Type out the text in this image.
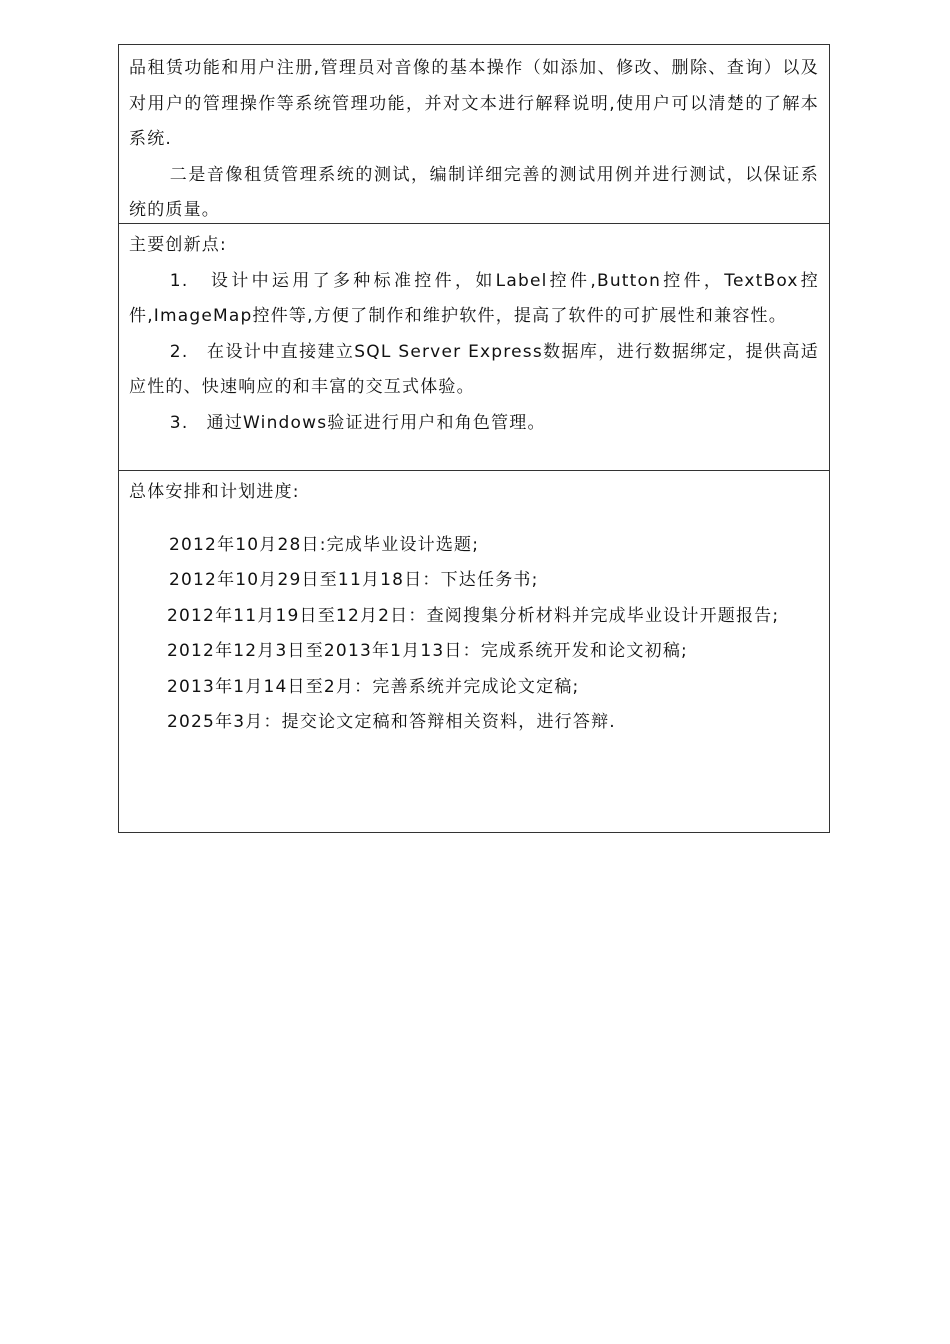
品租赁功能和用户注册,管理员对音像的基本操作（如添加、修改、删除、查询）以及对用户的管理操作等系统管理功能，并对文本进行解释说明,使用户可以清楚的了解本系统.

二是音像租赁管理系统的测试，编制详细完善的测试用例并进行测试，以保证系统的质量。

主要创新点:

1.　设计中运用了多种标准控件，如Label控件,Button控件，TextBox控件,ImageMap控件等,方便了制作和维护软件，提高了软件的可扩展性和兼容性。

2.　在设计中直接建立SQL Server Express数据库，进行数据绑定，提供高适应性的、快速响应的和丰富的交互式体验。

3.　通过Windows验证进行用户和角色管理。

总体安排和计划进度:

2012年10月28日:完成毕业设计选题;

2012年10月29日至11月18日：下达任务书;

2012年11月19日至12月2日：查阅搜集分析材料并完成毕业设计开题报告;

2012年12月3日至2013年1月13日：完成系统开发和论文初稿;

2013年1月14日至2月：完善系统并完成论文定稿;

2025年3月：提交论文定稿和答辩相关资料，进行答辩.
